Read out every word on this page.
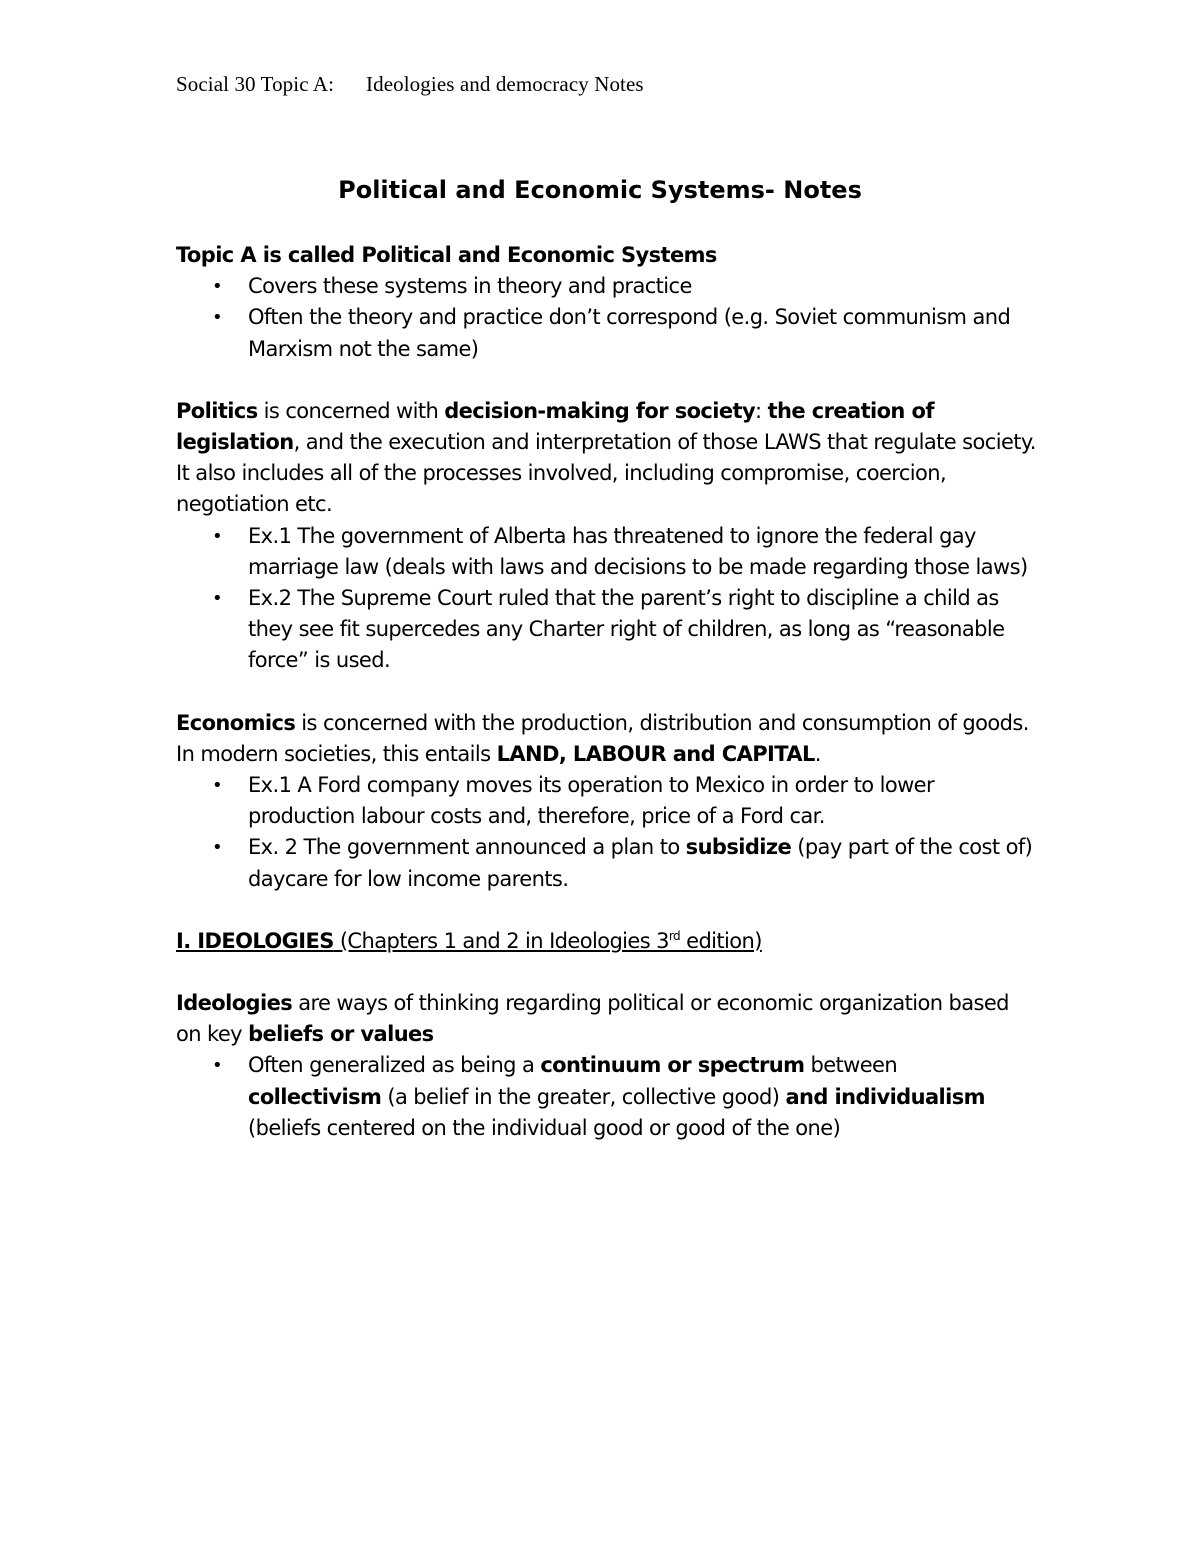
Social 30 Topic A: Ideologies and democracy Notes
Political and Economic Systems- Notes

Topic A is called Political and Economic Systems

• Covers these systems in theory and practice
• Often the theory and practice don’t correspond (e.g. Soviet communism and Marxism not the same)

Politics is concerned with decision-making for society: the creation of legislation, and the execution and interpretation of those LAWS that regulate society. It also includes all of the processes involved, including compromise, coercion, negotiation etc.

• Ex.1 The government of Alberta has threatened to ignore the federal gay marriage law (deals with laws and decisions to be made regarding those laws)
• Ex.2 The Supreme Court ruled that the parent’s right to discipline a child as they see fit supercedes any Charter right of children, as long as “reasonable force” is used.

Economics is concerned with the production, distribution and consumption of goods.

In modern societies, this entails LAND, LABOUR and CAPITAL.

• Ex.1 A Ford company moves its operation to Mexico in order to lower production labour costs and, therefore, price of a Ford car.
• Ex. 2 The government announced a plan to subsidize (pay part of the cost of) daycare for low income parents.

I. IDEOLOGIES (Chapters 1 and 2 in Ideologies 3rd edition)

Ideologies are ways of thinking regarding political or economic organization based on key beliefs or values

• Often generalized as being a continuum or spectrum between collectivism (a belief in the greater, collective good) and individualism (beliefs centered on the individual good or good of the one)
